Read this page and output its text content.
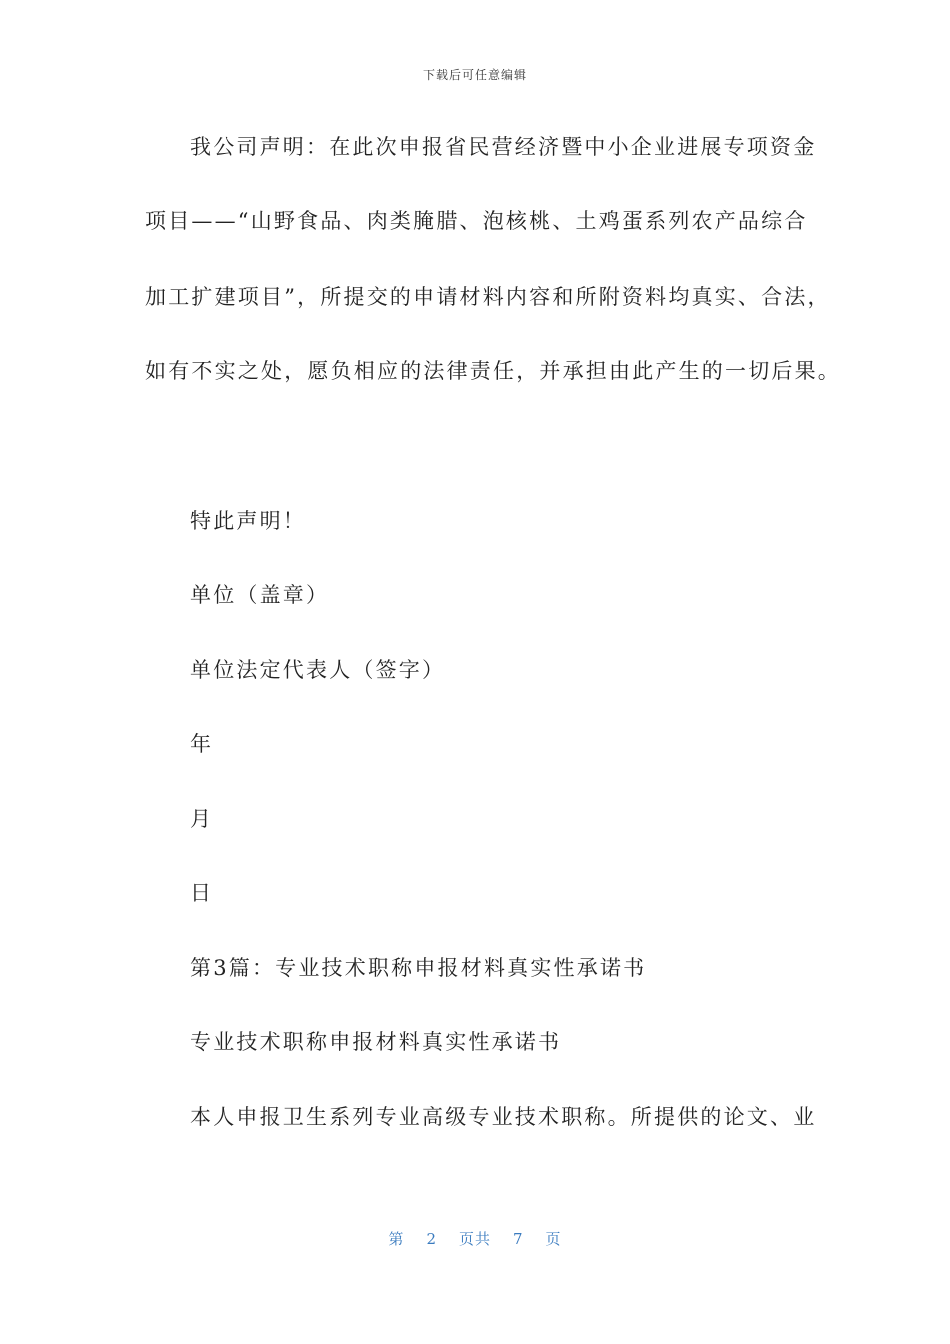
下载后可任意编辑
我公司声明：在此次申报省民营经济暨中小企业进展专项资金
项目——“山野食品、肉类腌腊、泡核桃、土鸡蛋系列农产品综合
加工扩建项目”，所提交的申请材料内容和所附资料均真实、合法，
如有不实之处，愿负相应的法律责任，并承担由此产生的一切后果。
特此声明！
单位（盖章）
单位法定代表人（签字）
年
月
日
第3篇：专业技术职称申报材料真实性承诺书
专业技术职称申报材料真实性承诺书
本人申报卫生系列专业高级专业技术职称。所提供的论文、业
第 2 页共 7 页
